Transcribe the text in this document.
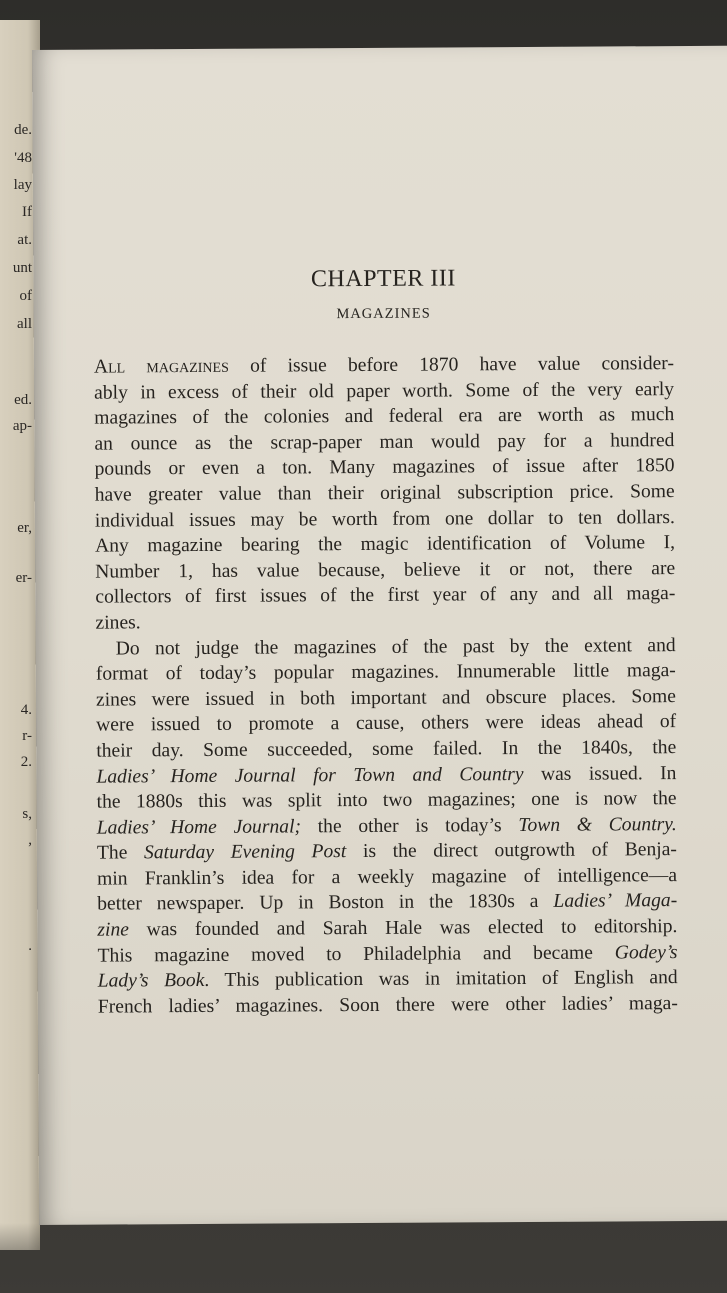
de.
'48
lay
If
at.
unt
of
all
ed.
ap-
er,
er-
4.
r-
2.
s,
,
.
CHAPTER III
MAGAZINES
All magazines of issue before 1870 have value consider-
ably in excess of their old paper worth. Some of the very early
magazines of the colonies and federal era are worth as much
an ounce as the scrap-paper man would pay for a hundred
pounds or even a ton. Many magazines of issue after 1850
have greater value than their original subscription price. Some
individual issues may be worth from one dollar to ten dollars.
Any magazine bearing the magic identification of Volume I,
Number 1, has value because, believe it or not, there are
collectors of first issues of the first year of any and all maga-
zines.
Do not judge the magazines of the past by the extent and
format of today’s popular magazines. Innumerable little maga-
zines were issued in both important and obscure places. Some
were issued to promote a cause, others were ideas ahead of
their day. Some succeeded, some failed. In the 1840s, the
Ladies’ Home Journal for Town and Country was issued. In
the 1880s this was split into two magazines; one is now the
Ladies’ Home Journal; the other is today’s Town & Country.
The Saturday Evening Post is the direct outgrowth of Benja-
min Franklin’s idea for a weekly magazine of intelligence—a
better newspaper. Up in Boston in the 1830s a Ladies’ Maga-
zine was founded and Sarah Hale was elected to editorship.
This magazine moved to Philadelphia and became Godey’s
Lady’s Book. This publication was in imitation of English and
French ladies’ magazines. Soon there were other ladies’ maga-
